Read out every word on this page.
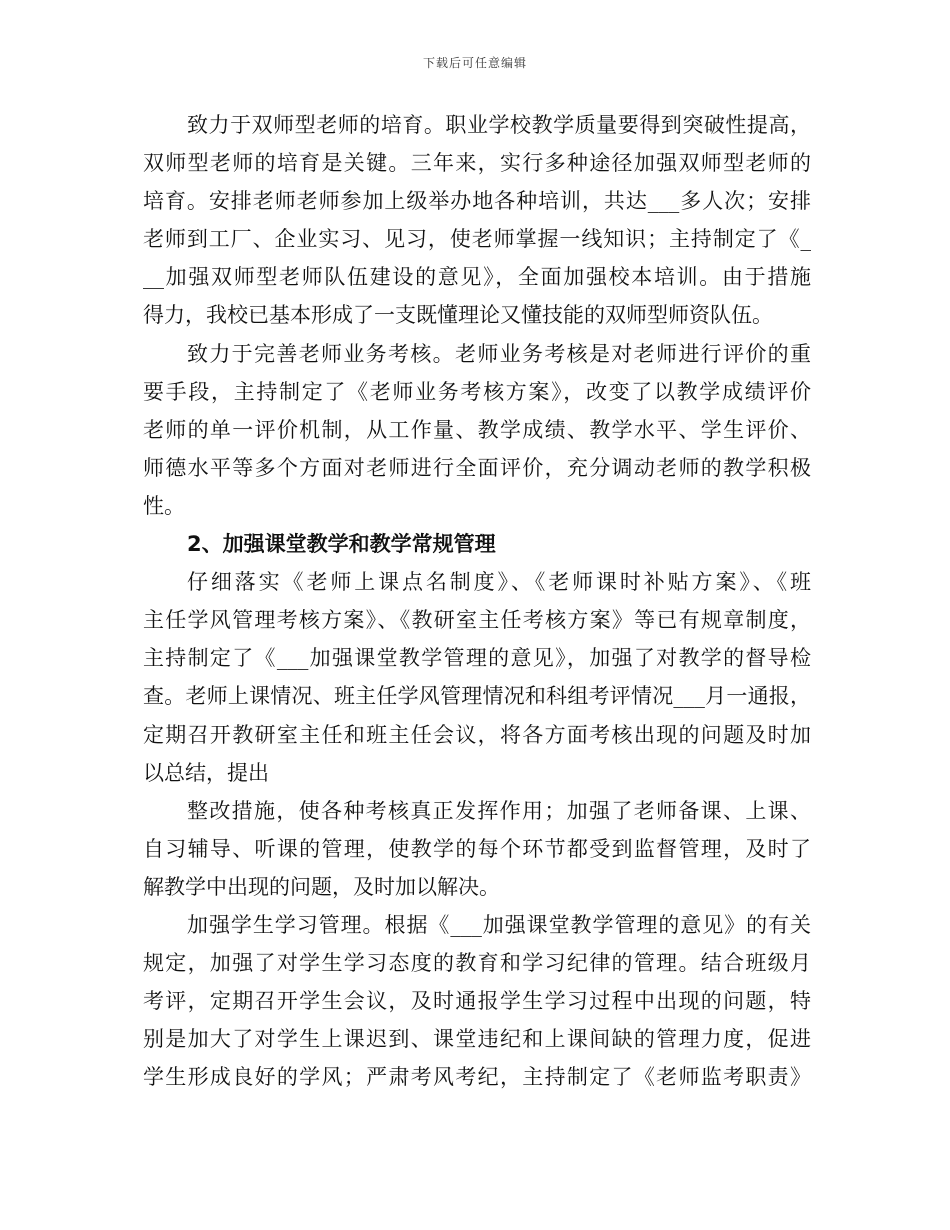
下载后可任意编辑
致力于双师型老师的培育。职业学校教学质量要得到突破性提高，
双师型老师的培育是关键。三年来，实行多种途径加强双师型老师的
培育。安排老师老师参加上级举办地各种培训，共达___多人次；安排
老师到工厂、企业实习、见习，使老师掌握一线知识；主持制定了《_
__加强双师型老师队伍建设的意见》，全面加强校本培训。由于措施
得力，我校已基本形成了一支既懂理论又懂技能的双师型师资队伍。
致力于完善老师业务考核。老师业务考核是对老师进行评价的重
要手段，主持制定了《老师业务考核方案》，改变了以教学成绩评价
老师的单一评价机制，从工作量、教学成绩、教学水平、学生评价、
师德水平等多个方面对老师进行全面评价，充分调动老师的教学积极
性。
2、加强课堂教学和教学常规管理
仔细落实《老师上课点名制度》、《老师课时补贴方案》、《班
主任学风管理考核方案》、《教研室主任考核方案》等已有规章制度，
主持制定了《___加强课堂教学管理的意见》，加强了对教学的督导检
查。老师上课情况、班主任学风管理情况和科组考评情况___月一通报，
定期召开教研室主任和班主任会议，将各方面考核出现的问题及时加
以总结，提出
整改措施，使各种考核真正发挥作用；加强了老师备课、上课、
自习辅导、听课的管理，使教学的每个环节都受到监督管理，及时了
解教学中出现的问题，及时加以解决。
加强学生学习管理。根据《___加强课堂教学管理的意见》的有关
规定，加强了对学生学习态度的教育和学习纪律的管理。结合班级月
考评，定期召开学生会议，及时通报学生学习过程中出现的问题，特
别是加大了对学生上课迟到、课堂违纪和上课间缺的管理力度，促进
学生形成良好的学风；严肃考风考纪，主持制定了《老师监考职责》
